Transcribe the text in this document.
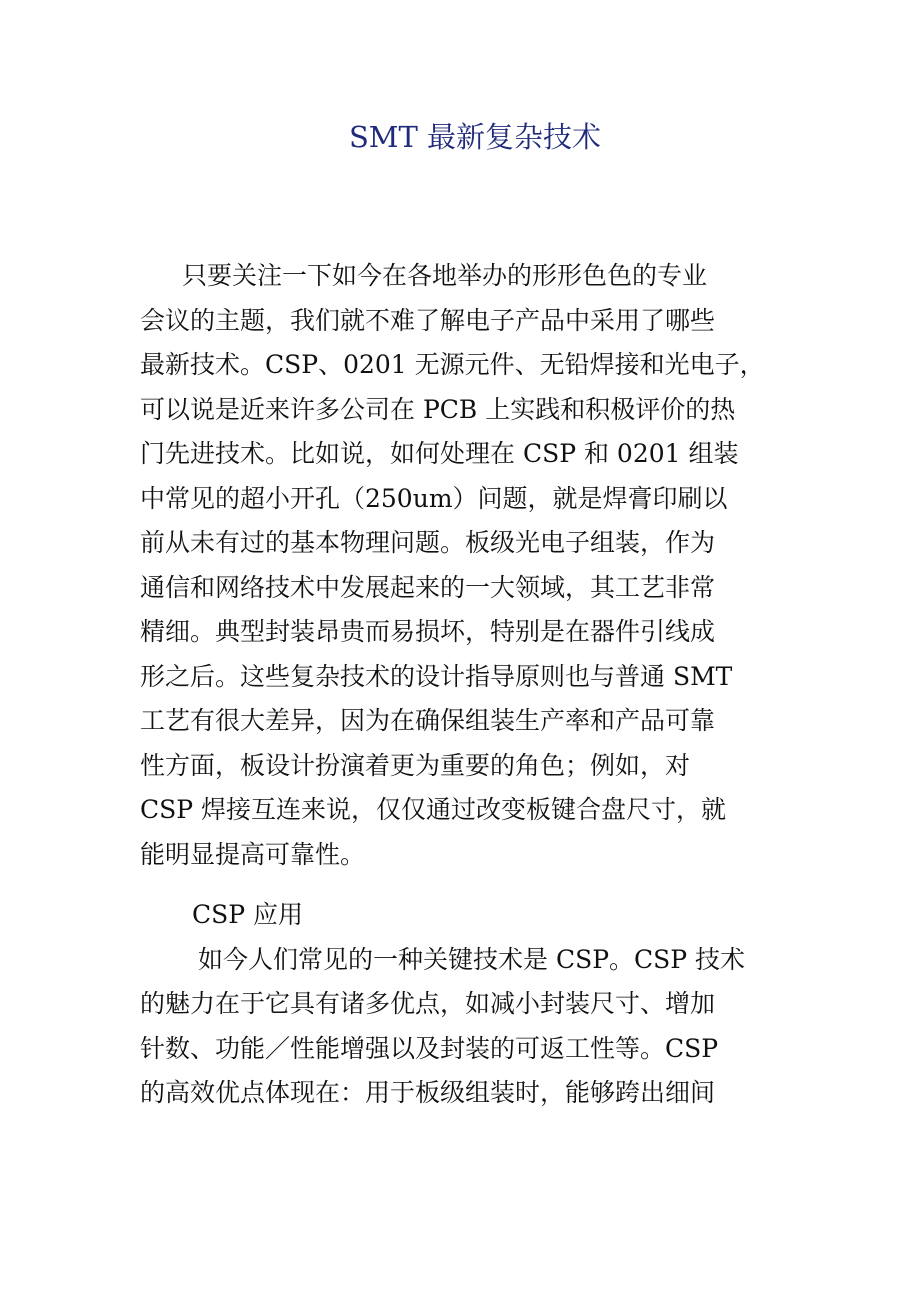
SMT 最新复杂技术
只要关注一下如今在各地举办的形形色色的专业
会议的主题，我们就不难了解电子产品中采用了哪些
最新技术。CSP、0201 无源元件、无铅焊接和光电子，
可以说是近来许多公司在 PCB 上实践和积极评价的热
门先进技术。比如说，如何处理在 CSP 和 0201 组装
中常见的超小开孔（250um）问题，就是焊膏印刷以
前从未有过的基本物理问题。板级光电子组装，作为
通信和网络技术中发展起来的一大领域，其工艺非常
精细。典型封装昂贵而易损坏，特别是在器件引线成
形之后。这些复杂技术的设计指导原则也与普通 SMT
工艺有很大差异，因为在确保组装生产率和产品可靠
性方面，板设计扮演着更为重要的角色；例如，对
CSP 焊接互连来说，仅仅通过改变板键合盘尺寸，就
能明显提高可靠性。
CSP 应用
如今人们常见的一种关键技术是 CSP。CSP 技术
的魅力在于它具有诸多优点，如减小封装尺寸、增加
针数、功能／性能增强以及封装的可返工性等。CSP
的高效优点体现在：用于板级组装时，能够跨出细间
